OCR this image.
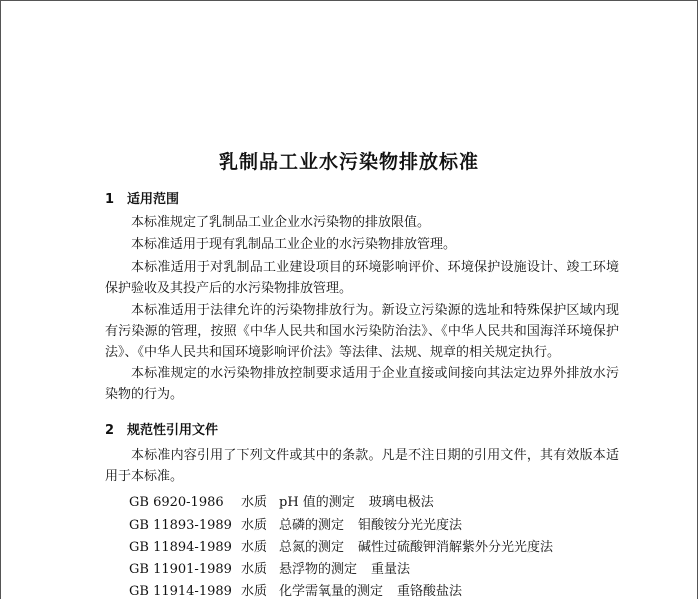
乳制品工业水污染物排放标准
1 适用范围
本标准规定了乳制品工业企业水污染物的排放限值。
本标准适用于现有乳制品工业企业的水污染物排放管理。
本标准适用于对乳制品工业建设项目的环境影响评价、环境保护设施设计、竣工环境保护验收及其投产后的水污染物排放管理。
本标准适用于法律允许的污染物排放行为。新设立污染源的选址和特殊保护区域内现有污染源的管理，按照《中华人民共和国水污染防治法》、《中华人民共和国海洋环境保护法》、《中华人民共和国环境影响评价法》等法律、法规、规章的相关规定执行。
本标准规定的水污染物排放控制要求适用于企业直接或间接向其法定边界外排放水污染物的行为。
2 规范性引用文件
本标准内容引用了下列文件或其中的条款。凡是不注日期的引用文件，其有效版本适用于本标准。
GB 6920-1986 水质 pH 值的测定 玻璃电极法
GB 11893-1989 水质 总磷的测定 钼酸铵分光光度法
GB 11894-1989 水质 总氮的测定 碱性过硫酸钾消解紫外分光光度法
GB 11901-1989 水质 悬浮物的测定 重量法
GB 11914-1989 水质 化学需氧量的测定 重铬酸盐法
